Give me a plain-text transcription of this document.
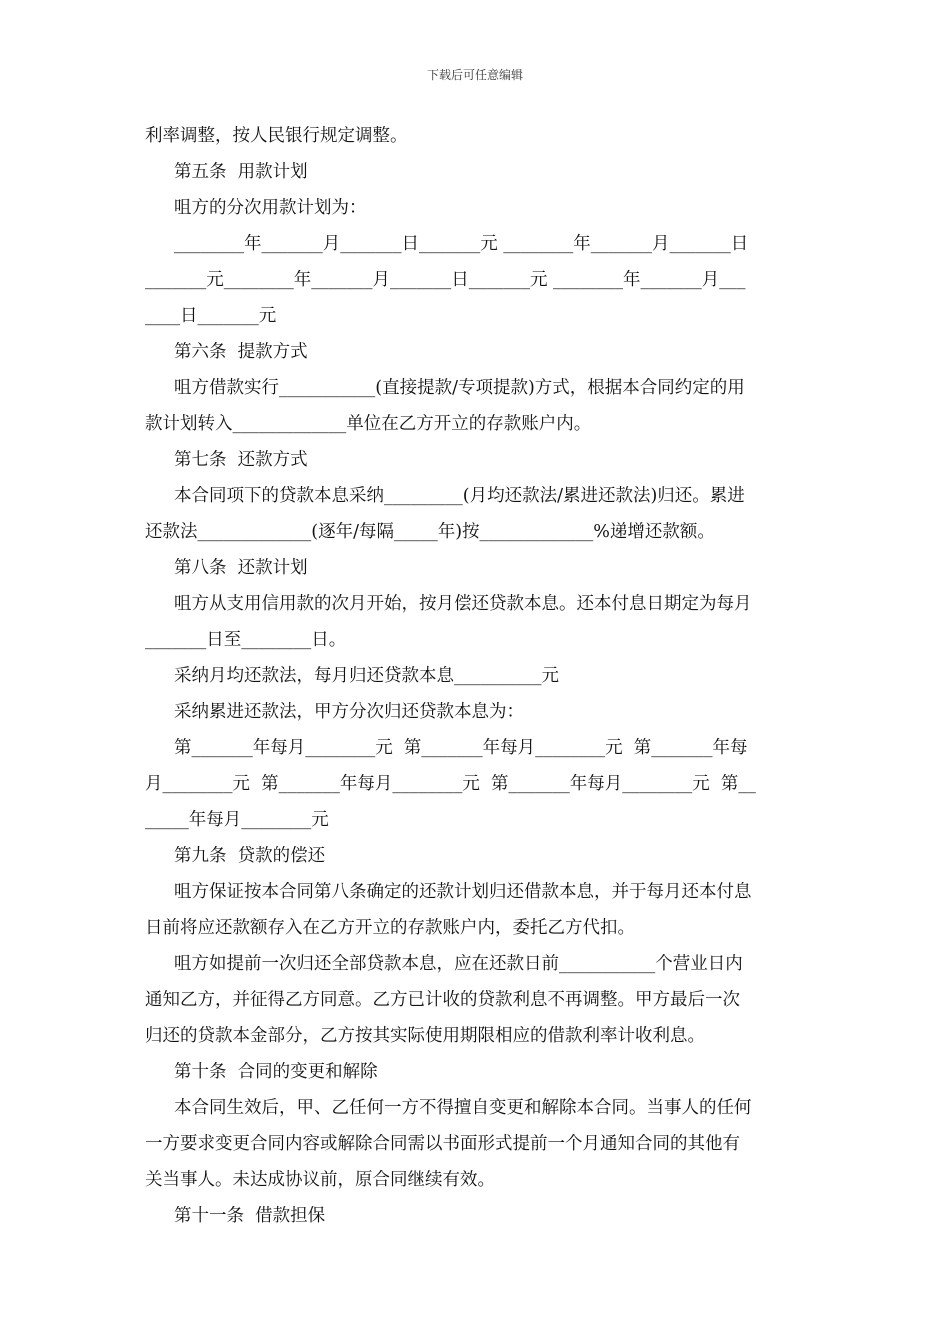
下载后可任意编辑
利率调整，按人民银行规定调整。
第五条  用款计划
咀方的分次用款计划为：
________年_______月_______日_______元 ________年_______月_______日
_______元________年_______月_______日_______元 ________年_______月___
____日_______元
第六条  提款方式
咀方借款实行___________(直接提款/专项提款)方式，根据本合同约定的用
款计划转入_____________单位在乙方开立的存款账户内。
第七条  还款方式
本合同项下的贷款本息采纳_________(月均还款法/累进还款法)归还。累进
还款法_____________(逐年/每隔_____年)按_____________%递增还款额。
第八条  还款计划
咀方从支用信用款的次月开始，按月偿还贷款本息。还本付息日期定为每月
_______日至________日。
采纳月均还款法，每月归还贷款本息__________元
采纳累进还款法，甲方分次归还贷款本息为：
第_______年每月________元  第_______年每月________元  第_______年每
月________元  第_______年每月________元  第_______年每月________元  第__
_____年每月________元
第九条  贷款的偿还
咀方保证按本合同第八条确定的还款计划归还借款本息，并于每月还本付息
日前将应还款额存入在乙方开立的存款账户内，委托乙方代扣。
咀方如提前一次归还全部贷款本息，应在还款日前___________个营业日内
通知乙方，并征得乙方同意。乙方已计收的贷款利息不再调整。甲方最后一次
归还的贷款本金部分，乙方按其实际使用期限相应的借款利率计收利息。
第十条  合同的变更和解除
本合同生效后，甲、乙任何一方不得擅自变更和解除本合同。当事人的任何
一方要求变更合同内容或解除合同需以书面形式提前一个月通知合同的其他有
关当事人。未达成协议前，原合同继续有效。
第十一条  借款担保
